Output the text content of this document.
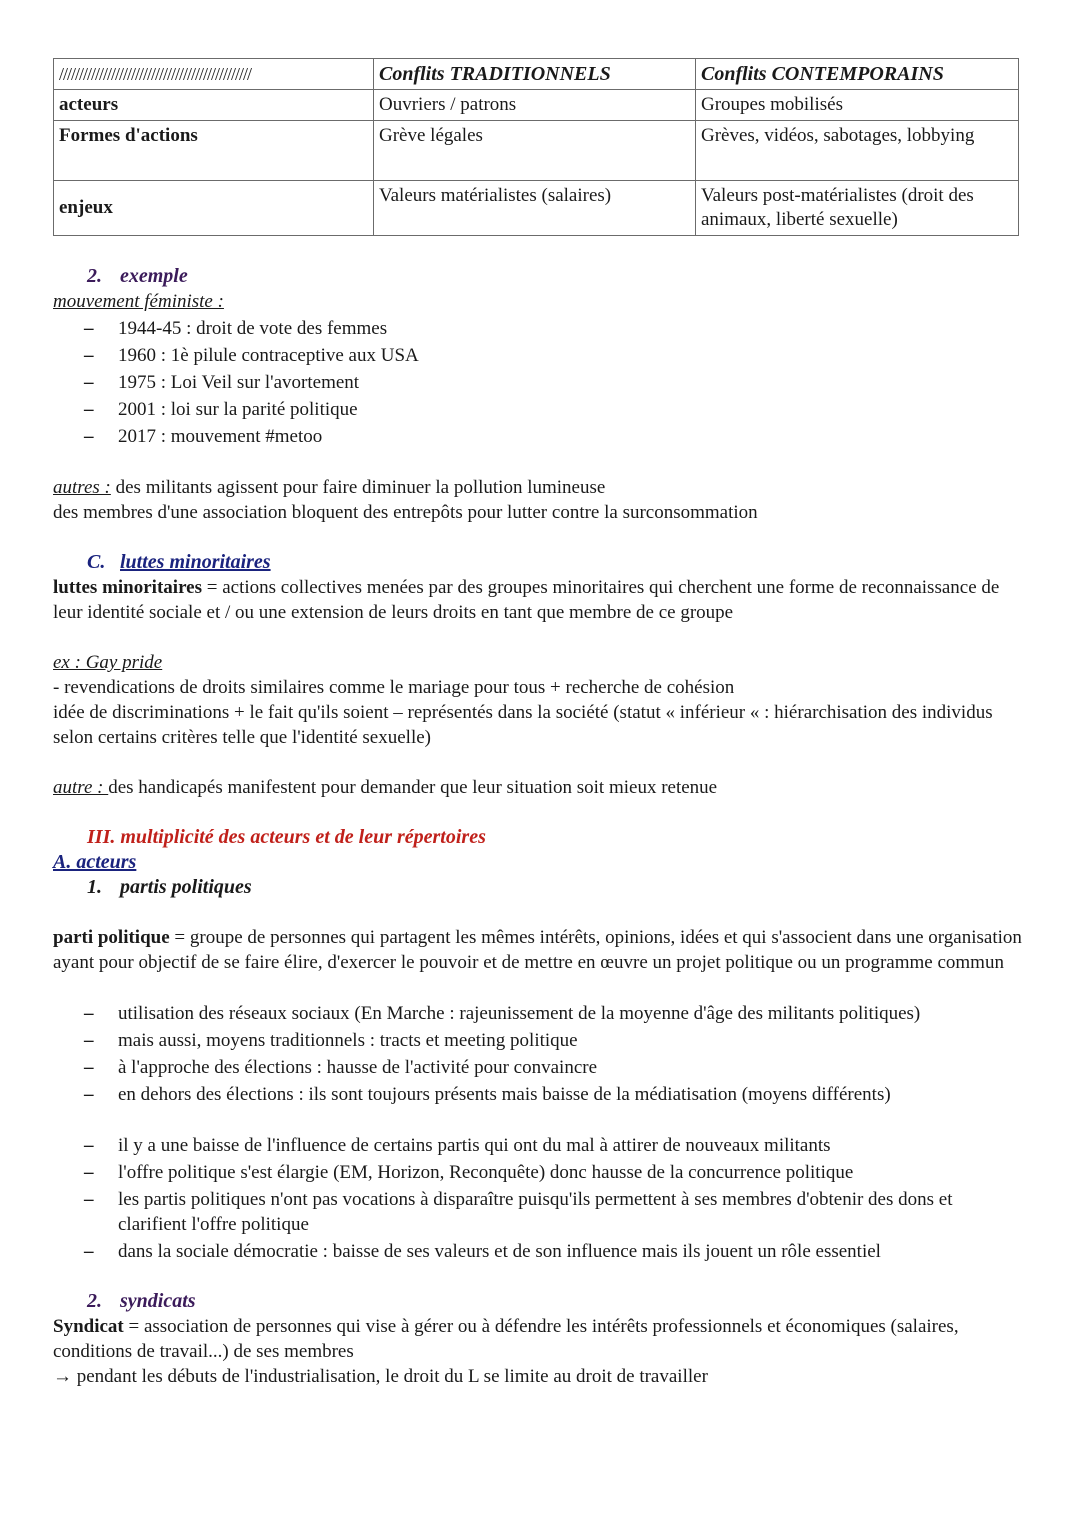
////////////////////////////////////////////////	Conflits TRADITIONNELS	Conflits CONTEMPORAINS
acteurs	Ouvriers / patrons	Groupes mobilisés
Formes d'actions	Grève légales	Grèves, vidéos, sabotages, lobbying
enjeux	Valeurs matérialistes (salaires)	Valeurs post-matérialistes (droit des animaux, liberté sexuelle)

2. exemple

mouvement féministe :

– 1944-45 : droit de vote des femmes
– 1960 : 1è pilule contraceptive aux USA
– 1975 : Loi Veil sur l'avortement
– 2001 : loi sur la parité politique
– 2017 : mouvement #metoo

autres : des militants agissent pour faire diminuer la pollution lumineuse

des membres d'une association bloquent des entrepôts pour lutter contre la surconsommation

C. luttes minoritaires

luttes minoritaires = actions collectives menées par des groupes minoritaires qui cherchent une forme de reconnaissance de leur identité sociale et / ou une extension de leurs droits en tant que membre de ce groupe

ex : Gay pride

- revendications de droits similaires comme le mariage pour tous + recherche de cohésion

idée de discriminations + le fait qu'ils soient – représentés dans la société (statut « inférieur « : hiérarchisation des individus selon certains critères telle que l'identité sexuelle)

autre : des handicapés manifestent pour demander que leur situation soit mieux retenue

III. multiplicité des acteurs et de leur répertoires

A. acteurs

1. partis politiques

parti politique = groupe de personnes qui partagent les mêmes intérêts, opinions, idées et qui s'associent dans une organisation ayant pour objectif de se faire élire, d'exercer le pouvoir et de mettre en œuvre un projet politique ou un programme commun

– utilisation des réseaux sociaux (En Marche : rajeunissement de la moyenne d'âge des militants politiques)
– mais aussi, moyens traditionnels : tracts et meeting politique
– à l'approche des élections : hausse de l'activité pour convaincre
– en dehors des élections : ils sont toujours présents mais baisse de la médiatisation (moyens différents)
– il y a une baisse de l'influence de certains partis qui ont du mal à attirer de nouveaux militants
– l'offre politique s'est élargie (EM, Horizon, Reconquête) donc hausse de la concurrence politique
– les partis politiques n'ont pas vocations à disparaître puisqu'ils permettent à ses membres d'obtenir des dons et clarifient l'offre politique
– dans la sociale démocratie : baisse de ses valeurs et de son influence mais ils jouent un rôle essentiel

2. syndicats

Syndicat = association de personnes qui vise à gérer ou à défendre les intérêts professionnels et économiques (salaires, conditions de travail...) de ses membres

→ pendant les débuts de l'industrialisation, le droit du L se limite au droit de travailler
